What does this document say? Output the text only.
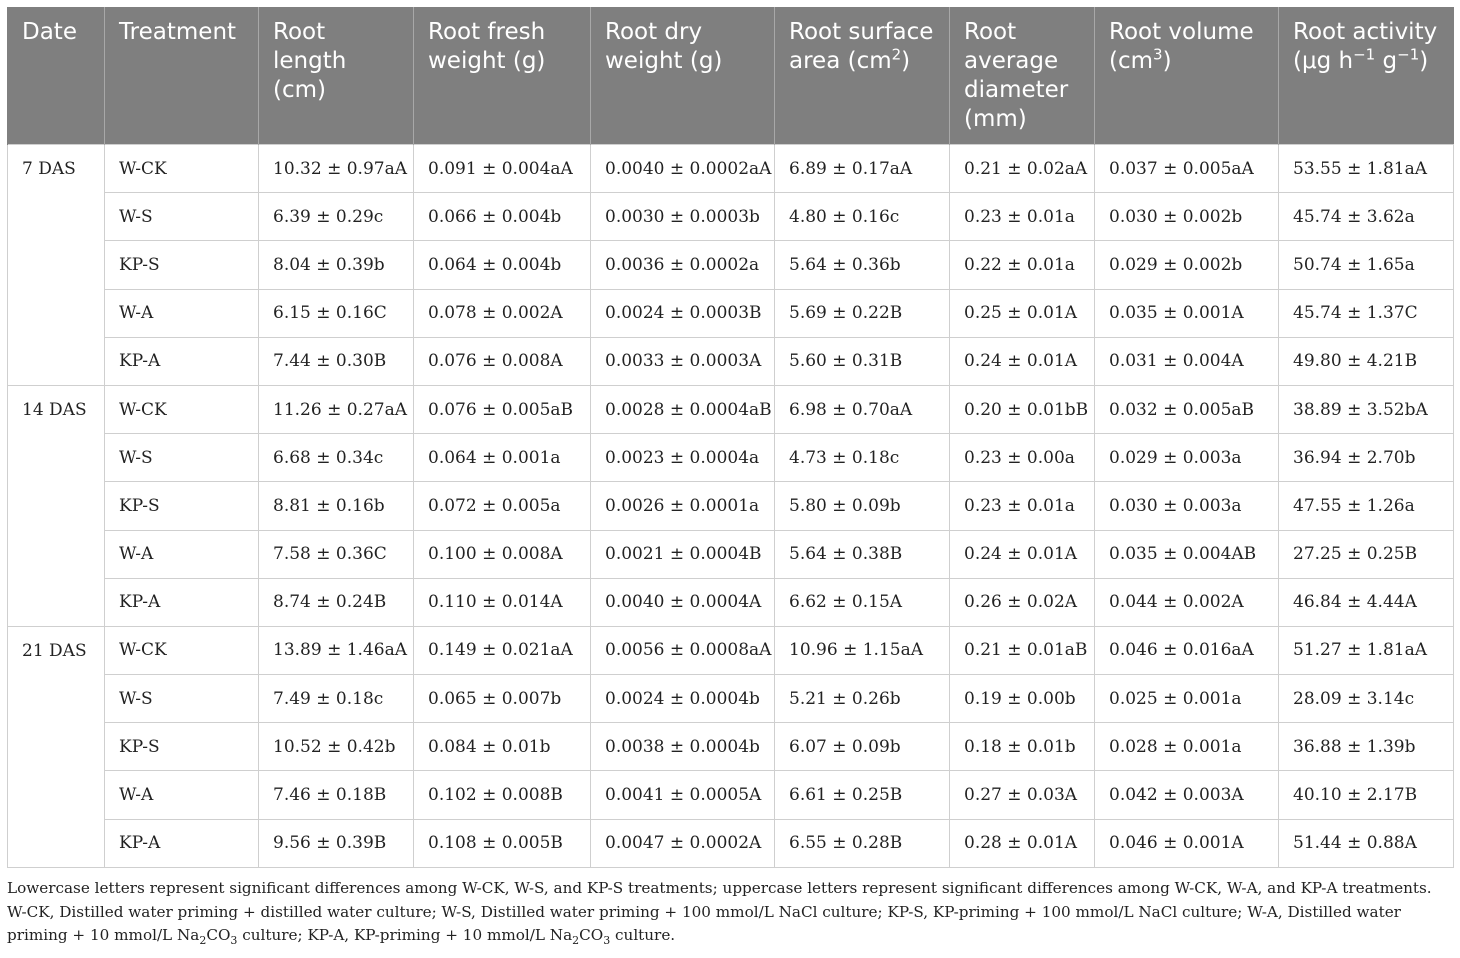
Date	Treatment	Root length (cm)	Root fresh weight (g)	Root dry weight (g)	Root surface area $(cm^2)$	Root average diameter (mm)	Root volume $(cm^3)$	Root activity (μg $h^{-1}$ $g^{-1}$)
7 DAS	W-CK	10.32 ± 0.97aA	0.091 ± 0.004aA	0.0040 ± 0.0002aA	6.89 ± 0.17aA	0.21 ± 0.02aA	0.037 ± 0.005aA	53.55 ± 1.81aA
	W-S	6.39 ± 0.29c	0.066 ± 0.004b	0.0030 ± 0.0003b	4.80 ± 0.16c	0.23 ± 0.01a	0.030 ± 0.002b	45.74 ± 3.62a
	KP-S	8.04 ± 0.39b	0.064 ± 0.004b	0.0036 ± 0.0002a	5.64 ± 0.36b	0.22 ± 0.01a	0.029 ± 0.002b	50.74 ± 1.65a
	W-A	6.15 ± 0.16C	0.078 ± 0.002A	0.0024 ± 0.0003B	5.69 ± 0.22B	0.25 ± 0.01A	0.035 ± 0.001A	45.74 ± 1.37C
	KP-A	7.44 ± 0.30B	0.076 ± 0.008A	0.0033 ± 0.0003A	5.60 ± 0.31B	0.24 ± 0.01A	0.031 ± 0.004A	49.80 ± 4.21B
14 DAS	W-CK	11.26 ± 0.27aA	0.076 ± 0.005aB	0.0028 ± 0.0004aB	6.98 ± 0.70aA	0.20 ± 0.01bB	0.032 ± 0.005aB	38.89 ± 3.52bA
	W-S	6.68 ± 0.34c	0.064 ± 0.001a	0.0023 ± 0.0004a	4.73 ± 0.18c	0.23 ± 0.00a	0.029 ± 0.003a	36.94 ± 2.70b
	KP-S	8.81 ± 0.16b	0.072 ± 0.005a	0.0026 ± 0.0001a	5.80 ± 0.09b	0.23 ± 0.01a	0.030 ± 0.003a	47.55 ± 1.26a
	W-A	7.58 ± 0.36C	0.100 ± 0.008A	0.0021 ± 0.0004B	5.64 ± 0.38B	0.24 ± 0.01A	0.035 ± 0.004AB	27.25 ± 0.25B
	KP-A	8.74 ± 0.24B	0.110 ± 0.014A	0.0040 ± 0.0004A	6.62 ± 0.15A	0.26 ± 0.02A	0.044 ± 0.002A	46.84 ± 4.44A
21 DAS	W-CK	13.89 ± 1.46aA	0.149 ± 0.021aA	0.0056 ± 0.0008aA	10.96 ± 1.15aA	0.21 ± 0.01aB	0.046 ± 0.016aA	51.27 ± 1.81aA
	W-S	7.49 ± 0.18c	0.065 ± 0.007b	0.0024 ± 0.0004b	5.21 ± 0.26b	0.19 ± 0.00b	0.025 ± 0.001a	28.09 ± 3.14c
	KP-S	10.52 ± 0.42b	0.084 ± 0.01b	0.0038 ± 0.0004b	6.07 ± 0.09b	0.18 ± 0.01b	0.028 ± 0.001a	36.88 ± 1.39b
	W-A	7.46 ± 0.18B	0.102 ± 0.008B	0.0041 ± 0.0005A	6.61 ± 0.25B	0.27 ± 0.03A	0.042 ± 0.003A	40.10 ± 2.17B
	KP-A	9.56 ± 0.39B	0.108 ± 0.005B	0.0047 ± 0.0002A	6.55 ± 0.28B	0.28 ± 0.01A	0.046 ± 0.001A	51.44 ± 0.88A
Lowercase letters represent significant differences among W-CK, W-S, and KP-S treatments; uppercase letters represent significant differences among W-CK, W-A, and KP-A treatments. W-CK, Distilled water priming + distilled water culture; W-S, Distilled water priming + 100 mmol/L NaCl culture; KP-S, KP-priming + 100 mmol/L NaCl culture; W-A, Distilled water priming + 10 mmol/L $Na_2CO_3$ culture; KP-A, KP-priming + 10 mmol/L $Na_2CO_3$ culture.
